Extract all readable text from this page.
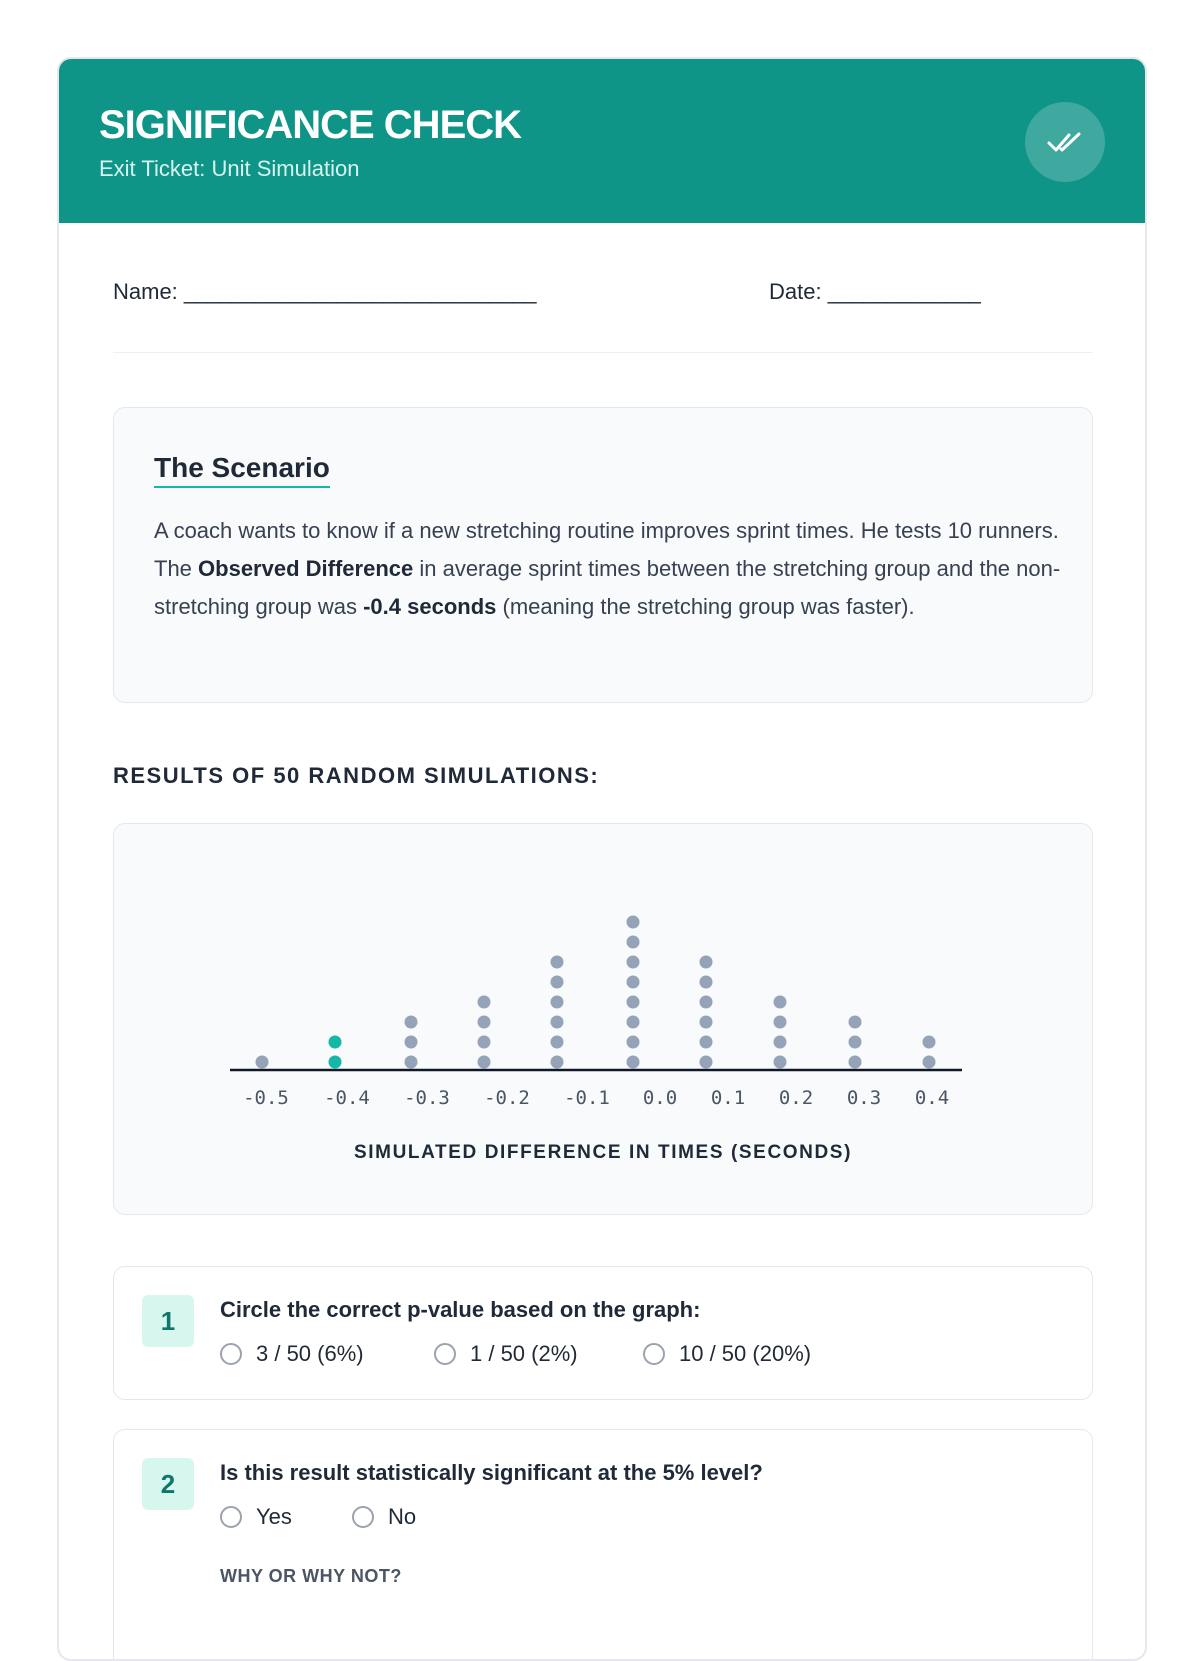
SIGNIFICANCE CHECK
Exit Ticket: Unit Simulation
Name: ______________________________	Date: _____________
The Scenario
A coach wants to know if a new stretching routine improves sprint times. He tests 10 runners. The Observed Difference in average sprint times between the stretching group and the non-stretching group was -0.4 seconds (meaning the stretching group was faster).
RESULTS OF 50 RANDOM SIMULATIONS:
-0.5 -0.4 -0.3 -0.2 -0.1 0.0 0.1 0.2 0.3 0.4
SIMULATED DIFFERENCE IN TIMES (SECONDS)
1	Circle the correct p-value based on the graph:
3 / 50 (6%)	1 / 50 (2%)	10 / 50 (20%)
2	Is this result statistically significant at the 5% level?
Yes	No
WHY OR WHY NOT?
